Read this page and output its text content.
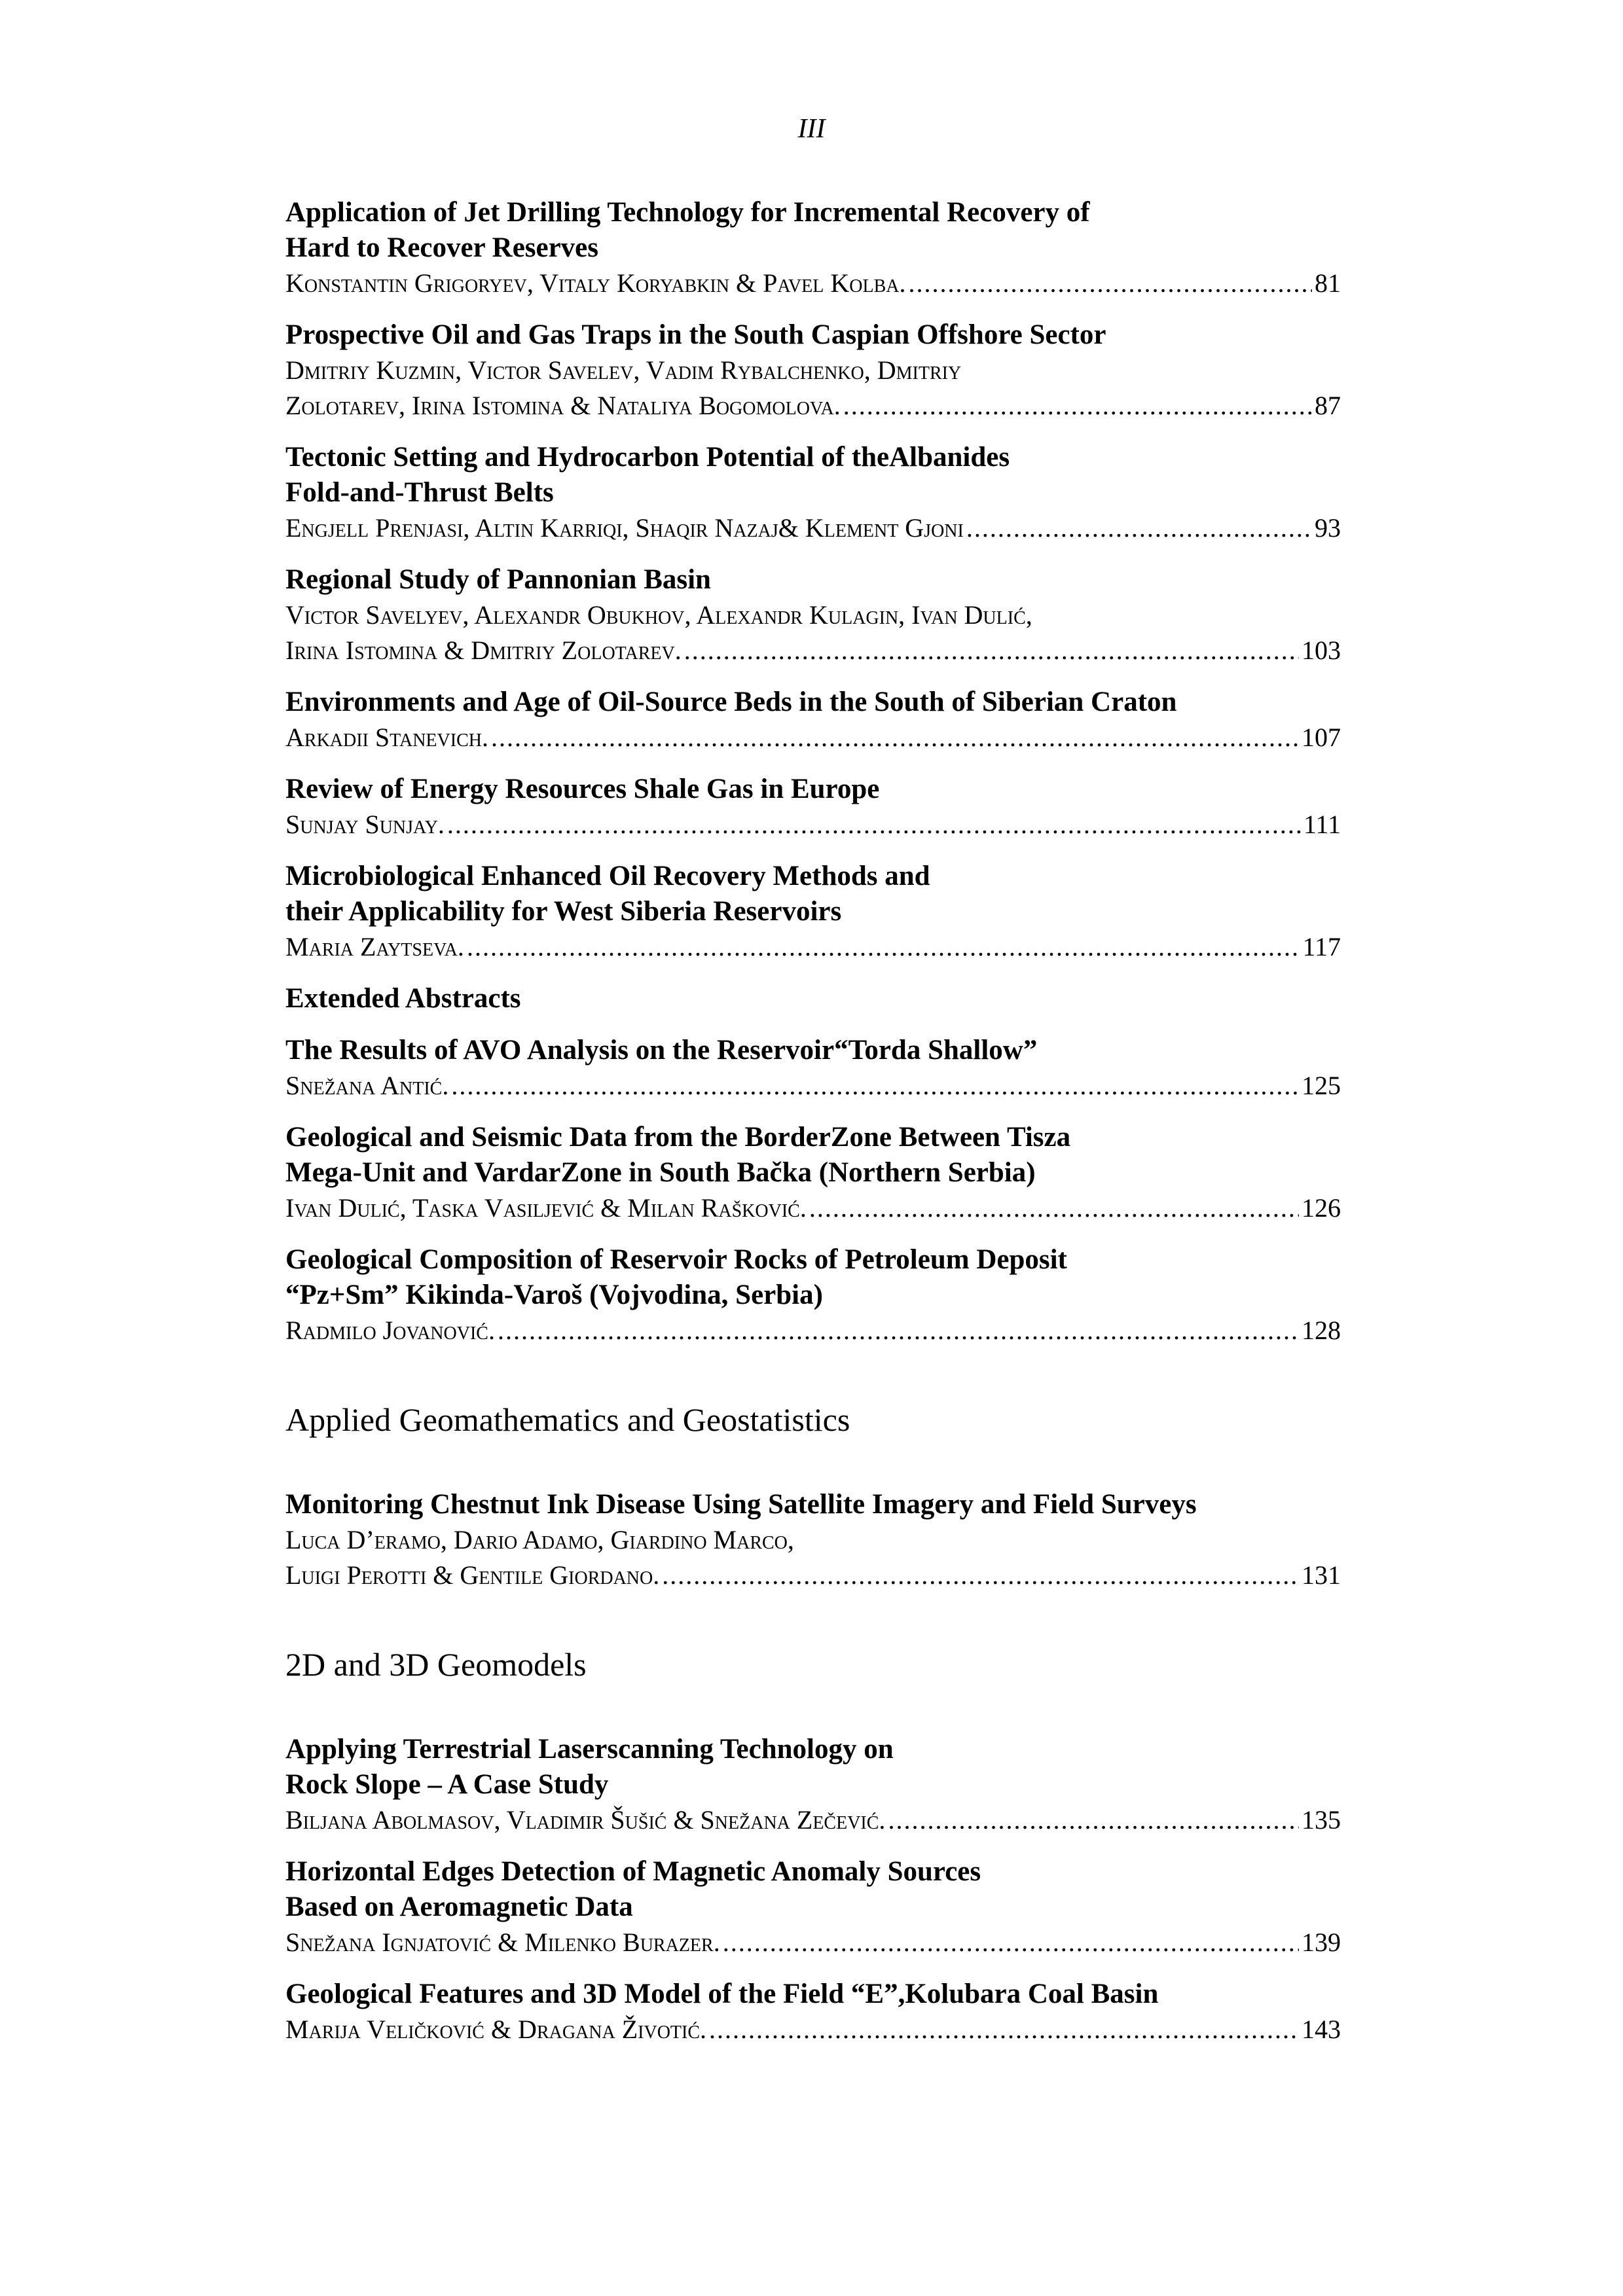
III
Application of Jet Drilling Technology for Incremental Recovery of
Hard to Recover Reserves
Konstantin Grigoryev, Vitaly Koryabkin & Pavel Kolba. .....	81
Prospective Oil and Gas Traps in the South Caspian Offshore Sector
Dmitriy Kuzmin, Victor Savelev, Vadim Rybalchenko, Dmitriy
Zolotarev, Irina Istomina & Nataliya Bogomolova. .....	87
Tectonic Setting and Hydrocarbon Potential of theAlbanides
Fold-and-Thrust Belts
Engjell Prenjasi, Altin Karriqi, Shaqir Nazaj& Klement Gjoni .....	93
Regional Study of Pannonian Basin
Victor Savelyev, Alexandr Obukhov, Alexandr Kulagin, Ivan Dulić,
Irina Istomina & Dmitriy Zolotarev. .....	103
Environments and Age of Oil-Source Beds in the South of Siberian Craton
Arkadii Stanevich. .....	107
Review of Energy Resources Shale Gas in Europe
Sunjay Sunjay. .....	111
Microbiological Enhanced Oil Recovery Methods and
their Applicability for West Siberia Reservoirs
Maria Zaytseva. .....	117
Extended Abstracts
The Results of AVO Analysis on the Reservoir“Torda Shallow”
Snežana Antić. .....	125
Geological and Seismic Data from the BorderZone Between Tisza
Mega-Unit and VardarZone in South Bačka (Northern Serbia)
Ivan Dulić, Taska Vasiljević & Milan Rašković. .....	126
Geological Composition of Reservoir Rocks of Petroleum Deposit
“Pz+Sm” Kikinda-Varoš (Vojvodina, Serbia)
Radmilo Jovanović. .....	128
Applied Geomathematics and Geostatistics
Monitoring Chestnut Ink Disease Using Satellite Imagery and Field Surveys
Luca D’eramo, Dario Adamo, Giardino Marco,
Luigi Perotti & Gentile Giordano. .....	131
2D and 3D Geomodels
Applying Terrestrial Laserscanning Technology on
Rock Slope – A Case Study
Biljana Abolmasov, Vladimir Šušić & Snežana Zečević. .....	135
Horizontal Edges Detection of Magnetic Anomaly Sources
Based on Aeromagnetic Data
Snežana Ignjatović & Milenko Burazer. .....	139
Geological Features and 3D Model of the Field “E”,Kolubara Coal Basin
Marija Veličković & Dragana Životić. .....	143
